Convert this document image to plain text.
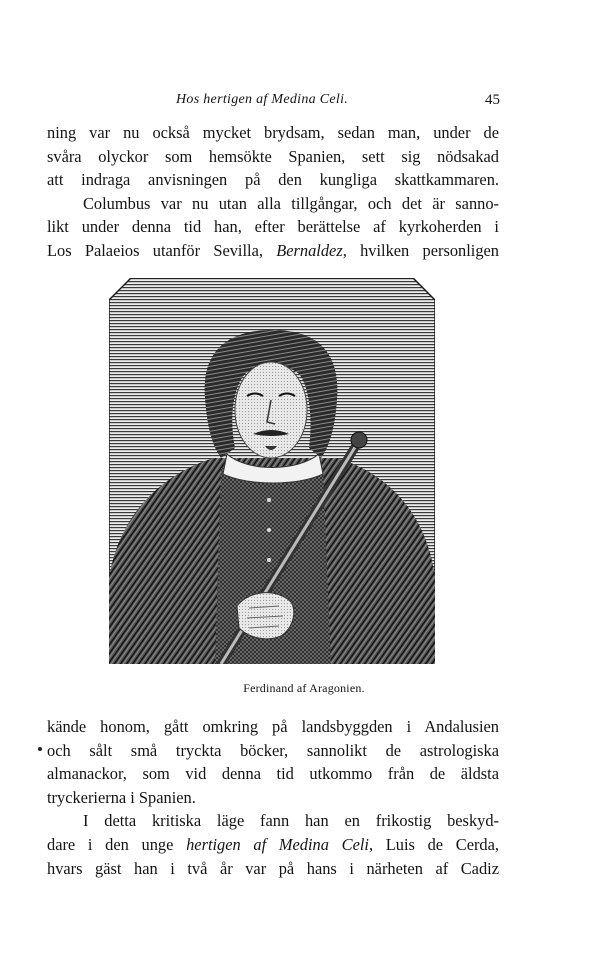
Hos hertigen af Medina Celi.	45
ning var nu också mycket brydsam, sedan man, under de
svåra olyckor som hemsökte Spanien, sett sig nödsakad
att indraga anvisningen på den kungliga skattkammaren.
Columbus var nu utan alla tillgångar, och det är sanno-
likt under denna tid han, efter berättelse af kyrkoherden i
Los Palaeios utanför Sevilla, Bernaldez, hvilken personligen
Ferdinand af Aragonien.
kände honom, gått omkring på landsbyggden i Andalusien
och sålt små tryckta böcker, sannolikt de astrologiska
almanackor, som vid denna tid utkommo från de äldsta
tryckerierna i Spanien.
I detta kritiska läge fann han en frikostig beskyd-
dare i den unge hertigen af Medina Celi, Luis de Cerda,
hvars gäst han i två år var på hans i närheten af Cadiz
